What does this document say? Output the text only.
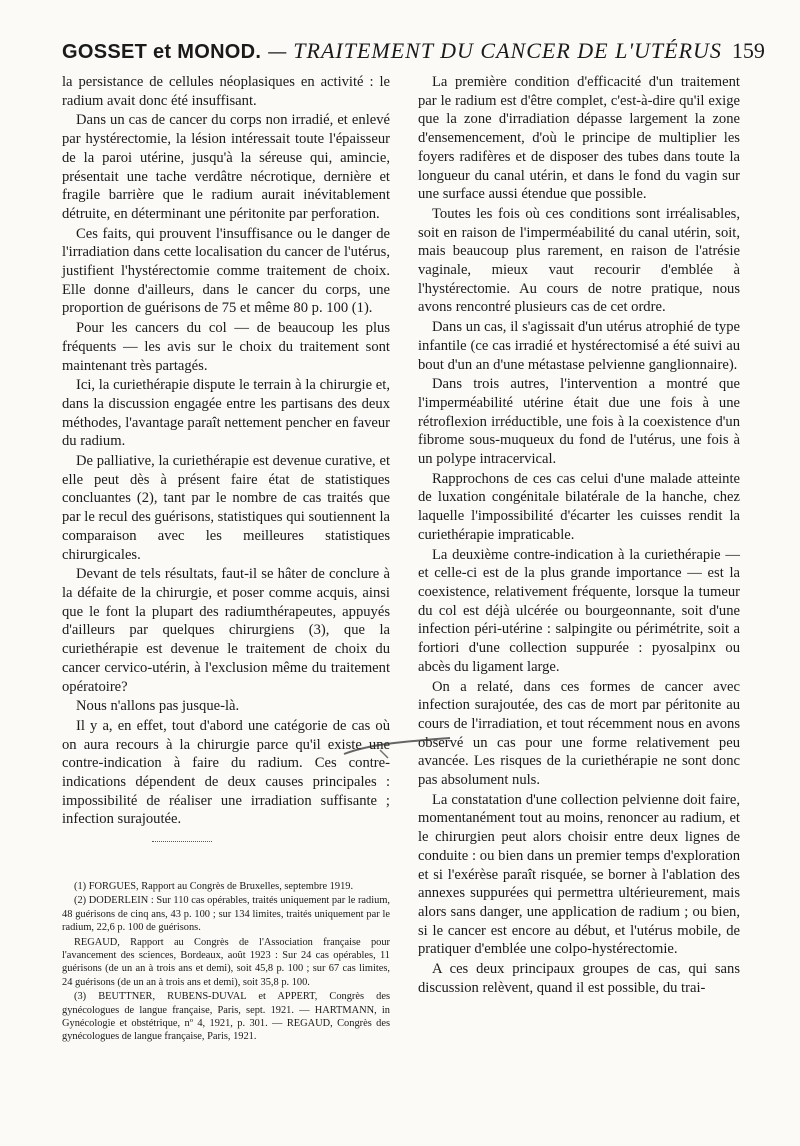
GOSSET et MONOD. — TRAITEMENT DU CANCER DE L'UTÉRUS 159

la persistance de cellules néoplasiques en activité : le radium avait donc été insuffisant.

Dans un cas de cancer du corps non irradié, et enlevé par hystérectomie, la lésion intéressait toute l'épaisseur de la paroi utérine, jusqu'à la séreuse qui, amincie, présentait une tache verdâtre nécrotique, dernière et fragile barrière que le radium aurait inévitablement détruite, en déterminant une péritonite par perforation.

Ces faits, qui prouvent l'insuffisance ou le danger de l'irradiation dans cette localisation du cancer de l'utérus, justifient l'hystérectomie comme traitement de choix. Elle donne d'ailleurs, dans le cancer du corps, une proportion de guérisons de 75 et même 80 p. 100 (1).

Pour les cancers du col — de beaucoup les plus fréquents — les avis sur le choix du traitement sont maintenant très partagés.

Ici, la curiethérapie dispute le terrain à la chirurgie et, dans la discussion engagée entre les partisans des deux méthodes, l'avantage paraît nettement pencher en faveur du radium.

De palliative, la curiethérapie est devenue curative, et elle peut dès à présent faire état de statistiques concluantes (2), tant par le nombre de cas traités que par le recul des guérisons, statistiques qui soutiennent la comparaison avec les meilleures statistiques chirurgicales.

Devant de tels résultats, faut-il se hâter de conclure à la défaite de la chirurgie, et poser comme acquis, ainsi que le font la plupart des radiumthérapeutes, appuyés d'ailleurs par quelques chirurgiens (3), que la curiethérapie est devenue le traitement de choix du cancer cervico-utérin, à l'exclusion même du traitement opératoire?

Nous n'allons pas jusque-là.

Il y a, en effet, tout d'abord une catégorie de cas où on aura recours à la chirurgie parce qu'il existe une contre-indication à faire du radium. Ces contre-indications dépendent de deux causes principales : impossibilité de réaliser une irradiation suffisante ; infection surajoutée.

(1) FORGUES, Rapport au Congrès de Bruxelles, septembre 1919.

(2) DODERLEIN : Sur 110 cas opérables, traités uniquement par le radium, 48 guérisons de cinq ans, 43 p. 100 ; sur 134 limites, traités uniquement par le radium, 22,6 p. 100 de guérisons.

REGAUD, Rapport au Congrès de l'Association française pour l'avancement des sciences, Bordeaux, août 1923 : Sur 24 cas opérables, 11 guérisons (de un an à trois ans et demi), soit 45,8 p. 100 ; sur 67 cas limites, 24 guérisons (de un an à trois ans et demi), soit 35,8 p. 100.

(3) BEUTTNER, RUBENS-DUVAL et APPERT, Congrès des gynécologues de langue française, Paris, sept. 1921. — HARTMANN, in Gynécologie et obstétrique, nº 4, 1921, p. 301. — REGAUD, Congrès des gynécologues de langue française, Paris, 1921.

La première condition d'efficacité d'un traitement par le radium est d'être complet, c'est-à-dire qu'il exige que la zone d'irradiation dépasse largement la zone d'ensemencement, d'où le principe de multiplier les foyers radifères et de disposer des tubes dans toute la longueur du canal utérin, et dans le fond du vagin sur une surface aussi étendue que possible.

Toutes les fois où ces conditions sont irréalisables, soit en raison de l'imperméabilité du canal utérin, soit, mais beaucoup plus rarement, en raison de l'atrésie vaginale, mieux vaut recourir d'emblée à l'hystérectomie. Au cours de notre pratique, nous avons rencontré plusieurs cas de cet ordre.

Dans un cas, il s'agissait d'un utérus atrophié de type infantile (ce cas irradié et hystérectomisé a été suivi au bout d'un an d'une métastase pelvienne ganglionnaire).

Dans trois autres, l'intervention a montré que l'imperméabilité utérine était due une fois à une rétroflexion irréductible, une fois à la coexistence d'un fibrome sous-muqueux du fond de l'utérus, une fois à un polype intracervical.

Rapprochons de ces cas celui d'une malade atteinte de luxation congénitale bilatérale de la hanche, chez laquelle l'impossibilité d'écarter les cuisses rendit la curiethérapie impraticable.

La deuxième contre-indication à la curiethérapie — et celle-ci est de la plus grande importance — est la coexistence, relativement fréquente, lorsque la tumeur du col est déjà ulcérée ou bourgeonnante, soit d'une infection péri-utérine : salpingite ou périmétrite, soit a fortiori d'une collection suppurée : pyosalpinx ou abcès du ligament large.

On a relaté, dans ces formes de cancer avec infection surajoutée, des cas de mort par péritonite au cours de l'irradiation, et tout récemment nous en avons observé un cas pour une forme relativement peu avancée. Les risques de la curiethérapie ne sont donc pas absolument nuls.

La constatation d'une collection pelvienne doit faire, momentanément tout au moins, renoncer au radium, et le chirurgien peut alors choisir entre deux lignes de conduite : ou bien dans un premier temps d'exploration et si l'exérèse paraît risquée, se borner à l'ablation des annexes suppurées qui permettra ultérieurement, mais alors sans danger, une application de radium ; ou bien, si le cancer est encore au début, et l'utérus mobile, de pratiquer d'emblée une colpo-hystérectomie.

A ces deux principaux groupes de cas, qui sans discussion relèvent, quand il est possible, du trai-
